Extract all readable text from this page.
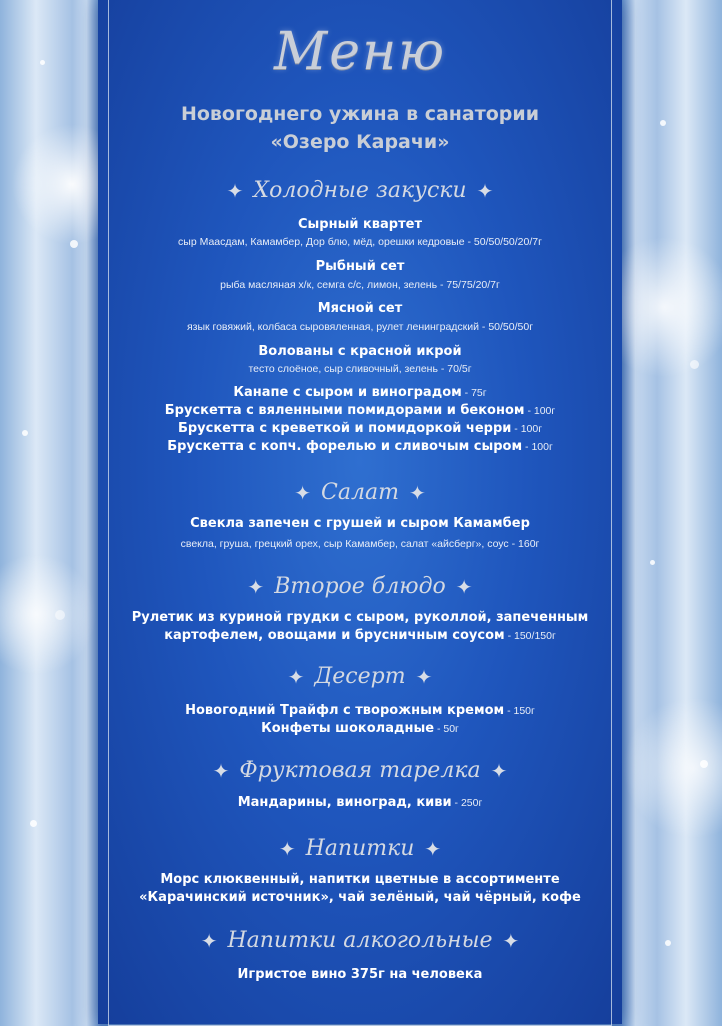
Меню
Новогоднего ужина в санатории
«Озеро Карачи»
✦ Холодные закуски ✦
Сырный квартет
сыр Маасдам, Камамбер, Дор блю, мёд, орешки кедровые - 50/50/50/20/7г
Рыбный сет
рыба масляная х/к, семга с/с, лимон, зелень - 75/75/20/7г
Мясной сет
язык говяжий, колбаса сыровяленная, рулет ленинградский - 50/50/50г
Волованы с красной икрой
тесто слоёное, сыр сливочный, зелень - 70/5г
Канапе с сыром и виноградом - 75г
Брускетта с вяленными помидорами и беконом - 100г
Брускетта с креветкой и помидоркой черри - 100г
Брускетта с копч. форелью и сливочым сыром - 100г
✦ Салат ✦
Свекла запечен с грушей и сыром Камамбер
свекла, груша, грецкий орех, сыр Камамбер, салат «айсберг», соус - 160г
✦ Второе блюдо ✦
Рулетик из куриной грудки с сыром, руколлой, запеченным
картофелем, овощами и брусничным соусом - 150/150г
✦ Десерт ✦
Новогодний Трайфл с творожным кремом - 150г
Конфеты шоколадные - 50г
✦ Фруктовая тарелка ✦
Мандарины, виноград, киви - 250г
✦ Напитки ✦
Морс клюквенный, напитки цветные в ассортименте
«Карачинский источник», чай зелёный, чай чёрный, кофе
✦ Напитки алкогольные ✦
Игристое вино 375г на человека
